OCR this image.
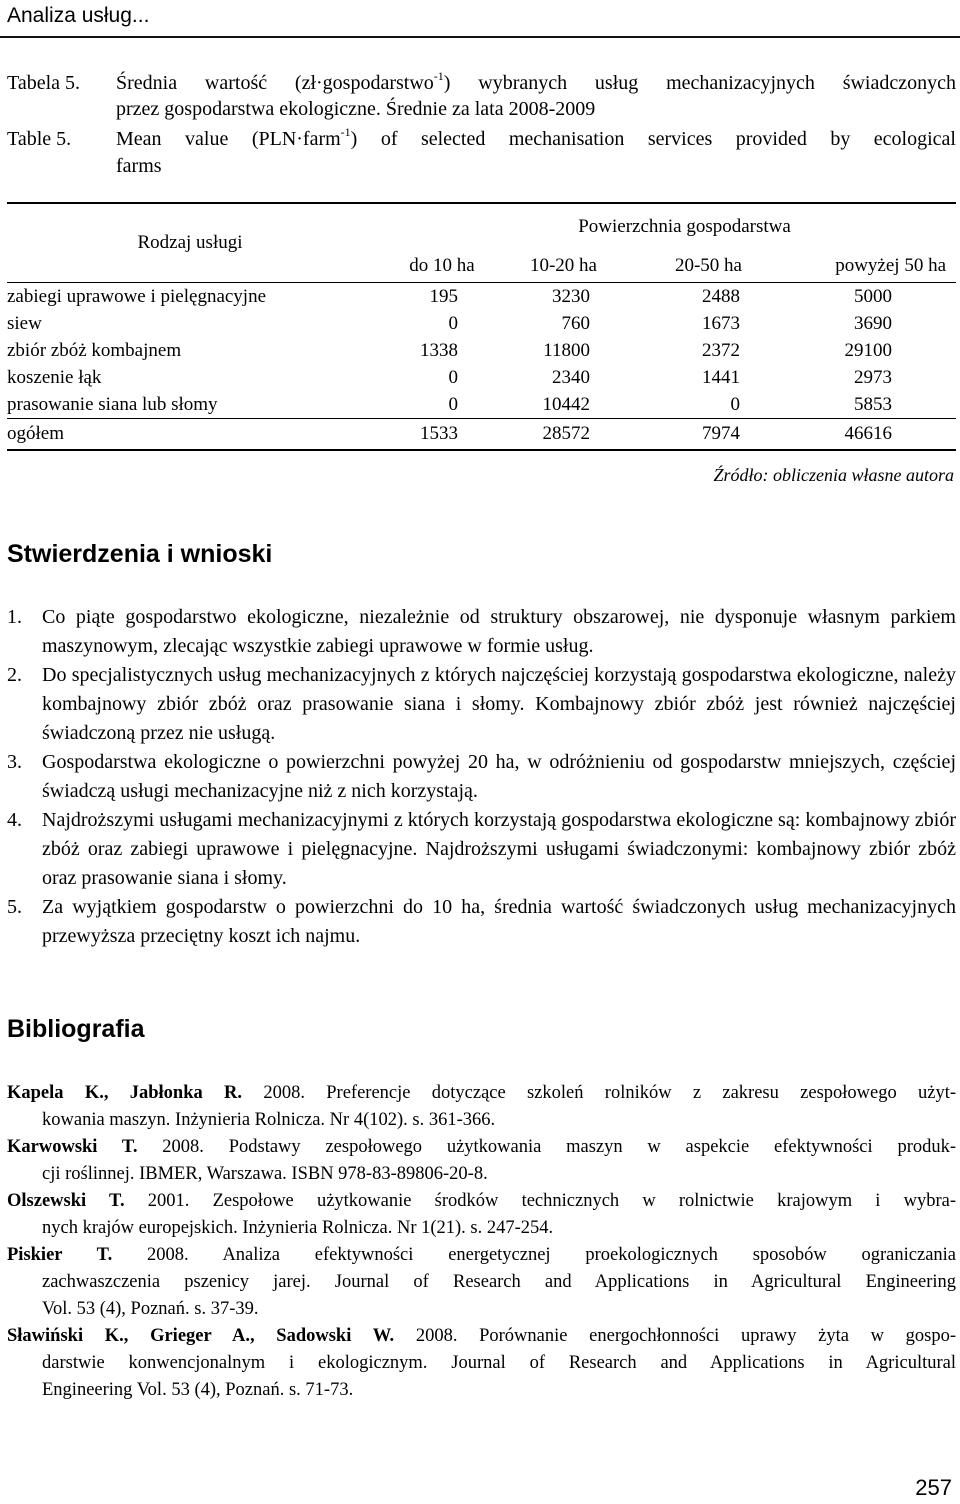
Analiza usług...
Tabela 5. Średnia wartość (zł·gospodarstwo$^{-1}$) wybranych usług mechanizacyjnych świadczonych
przez gospodarstwa ekologiczne. Średnie za lata 2008-2009
Table 5. Mean value (PLN·farm$^{-1}$) of selected mechanisation services provided by ecological
farms
Rodzaj usługi	Powierzchnia gospodarstwa			
	do 10 ha	10-20 ha	20-50 ha	powyżej 50 ha
zabiegi uprawowe i pielęgnacyjne	195	3230	2488	5000
siew	0	760	1673	3690
zbiór zbóż kombajnem	1338	11800	2372	29100
koszenie łąk	0	2340	1441	2973
prasowanie siana lub słomy	0	10442	0	5853
ogółem	1533	28572	7974	46616
Źródło: obliczenia własne autora
Stwierdzenia i wnioski
1. Co piąte gospodarstwo ekologiczne, niezależnie od struktury obszarowej, nie dysponuje własnym parkiem maszynowym, zlecając wszystkie zabiegi uprawowe w formie usług.
2. Do specjalistycznych usług mechanizacyjnych z których najczęściej korzystają gospodarstwa ekologiczne, należy kombajnowy zbiór zbóż oraz prasowanie siana i słomy. Kombajnowy zbiór zbóż jest również najczęściej świadczoną przez nie usługą.
3. Gospodarstwa ekologiczne o powierzchni powyżej 20 ha, w odróżnieniu od gospodarstw mniejszych, częściej świadczą usługi mechanizacyjne niż z nich korzystają.
4. Najdroższymi usługami mechanizacyjnymi z których korzystają gospodarstwa ekologiczne są: kombajnowy zbiór zbóż oraz zabiegi uprawowe i pielęgnacyjne. Najdroższymi usługami świadczonymi: kombajnowy zbiór zbóż oraz prasowanie siana i słomy.
5. Za wyjątkiem gospodarstw o powierzchni do 10 ha, średnia wartość świadczonych usług mechanizacyjnych przewyższa przeciętny koszt ich najmu.
Bibliografia
Kapela K., Jabłonka R. 2008. Preferencje dotyczące szkoleń rolników z zakresu zespołowego użyt-
kowania maszyn. Inżynieria Rolnicza. Nr 4(102). s. 361-366.
Karwowski T. 2008. Podstawy zespołowego użytkowania maszyn w aspekcie efektywności produk-
cji roślinnej. IBMER, Warszawa. ISBN 978-83-89806-20-8.
Olszewski T. 2001. Zespołowe użytkowanie środków technicznych w rolnictwie krajowym i wybra-
nych krajów europejskich. Inżynieria Rolnicza. Nr 1(21). s. 247-254.
Piskier T. 2008. Analiza efektywności energetycznej proekologicznych sposobów ograniczania
zachwaszczenia pszenicy jarej. Journal of Research and Applications in Agricultural Engineering
Vol. 53 (4), Poznań. s. 37-39.
Sławiński K., Grieger A., Sadowski W. 2008. Porównanie energochłonności uprawy żyta w gospo-
darstwie konwencjonalnym i ekologicznym. Journal of Research and Applications in Agricultural
Engineering Vol. 53 (4), Poznań. s. 71-73.
257
